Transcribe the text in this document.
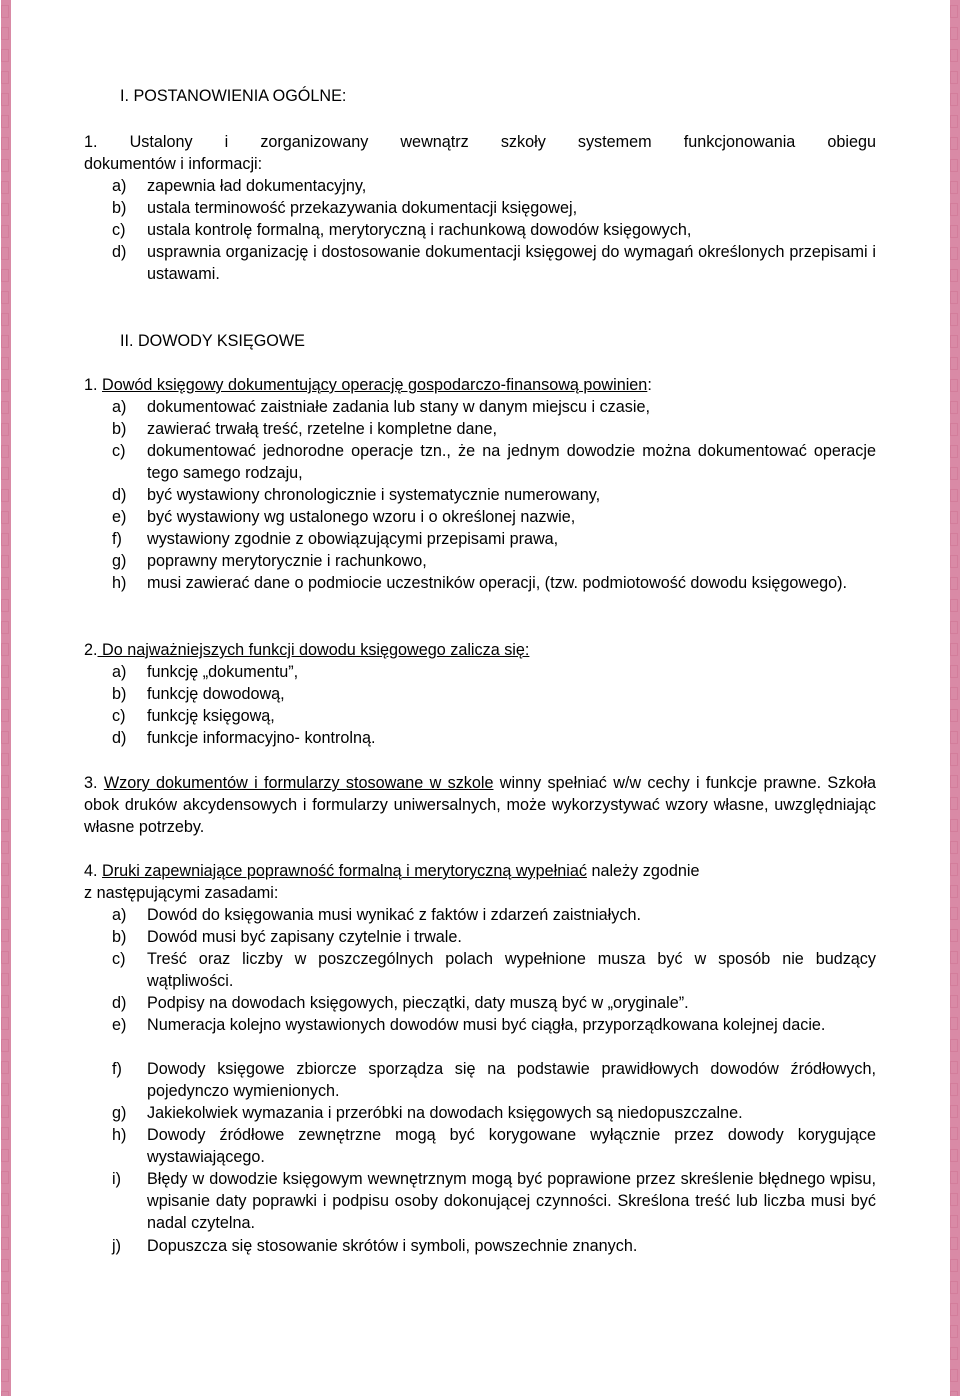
I. POSTANOWIENIA OGÓLNE:
1. Ustalony i zorganizowany wewnątrz szkoły systemem funkcjonowania obiegu
dokumentów i informacji:
a) zapewnia ład dokumentacyjny,
b) ustala terminowość przekazywania dokumentacji księgowej,
c) ustala kontrolę formalną, merytoryczną i rachunkową dowodów księgowych,
d) usprawnia organizację i dostosowanie dokumentacji księgowej do wymagań określonych przepisami i ustawami.
II. DOWODY KSIĘGOWE
1. Dowód księgowy dokumentujący operację gospodarczo-finansową powinien:
a) dokumentować zaistniałe zadania lub stany w danym miejscu i czasie,
b) zawierać trwałą treść, rzetelne i kompletne dane,
c) dokumentować jednorodne operacje tzn., że na jednym dowodzie można dokumentować operacje tego samego rodzaju,
d) być wystawiony chronologicznie i systematycznie numerowany,
e) być wystawiony wg ustalonego wzoru i o określonej nazwie,
f) wystawiony zgodnie z obowiązującymi przepisami prawa,
g) poprawny merytorycznie i rachunkowo,
h) musi zawierać dane o podmiocie uczestników operacji, (tzw. podmiotowość dowodu księgowego).
2. Do najważniejszych funkcji dowodu księgowego zalicza się:
a) funkcję „dokumentu”,
b) funkcję dowodową,
c) funkcję księgową,
d) funkcje informacyjno- kontrolną.
3. Wzory dokumentów i formularzy stosowane w szkole winny spełniać w/w cechy i funkcje prawne. Szkoła obok druków akcydensowych i formularzy uniwersalnych, może wykorzystywać wzory własne, uwzględniając własne potrzeby.
4. Druki zapewniające poprawność formalną i merytoryczną wypełniać należy zgodnie
z następującymi zasadami:
a) Dowód do księgowania musi wynikać z faktów i zdarzeń zaistniałych.
b) Dowód musi być zapisany czytelnie i trwale.
c) Treść oraz liczby w poszczególnych polach wypełnione musza być w sposób nie budzący wątpliwości.
d) Podpisy na dowodach księgowych, pieczątki, daty muszą być w „oryginale”.
e) Numeracja kolejno wystawionych dowodów musi być ciągła, przyporządkowana kolejnej dacie.
f) Dowody księgowe zbiorcze sporządza się na podstawie prawidłowych dowodów źródłowych, pojedynczo wymienionych.
g) Jakiekolwiek wymazania i przeróbki na dowodach księgowych są niedopuszczalne.
h) Dowody źródłowe zewnętrzne mogą być korygowane wyłącznie przez dowody korygujące wystawiającego.
i) Błędy w dowodzie księgowym wewnętrznym mogą być poprawione przez skreślenie błędnego wpisu, wpisanie daty poprawki i podpisu osoby dokonującej czynności. Skreślona treść lub liczba musi być nadal czytelna.
j) Dopuszcza się stosowanie skrótów i symboli, powszechnie znanych.
